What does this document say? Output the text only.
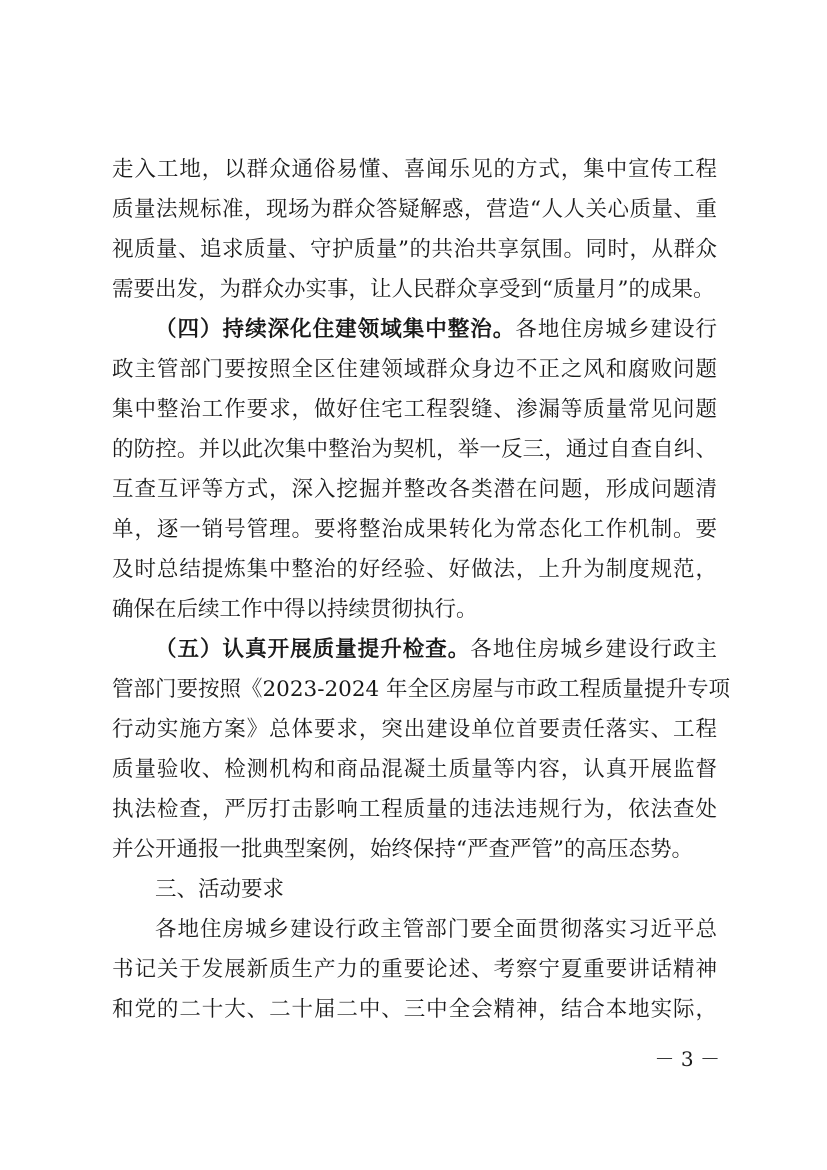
走入工地，以群众通俗易懂、喜闻乐见的方式，集中宣传工程
质量法规标准，现场为群众答疑解惑，营造“人人关心质量、重
视质量、追求质量、守护质量”的共治共享氛围。同时，从群众
需要出发，为群众办实事，让人民群众享受到“质量月”的成果。
（四）持续深化住建领域集中整治。各地住房城乡建设行
政主管部门要按照全区住建领域群众身边不正之风和腐败问题
集中整治工作要求，做好住宅工程裂缝、渗漏等质量常见问题
的防控。并以此次集中整治为契机，举一反三，通过自查自纠、
互查互评等方式，深入挖掘并整改各类潜在问题，形成问题清
单，逐一销号管理。要将整治成果转化为常态化工作机制。要
及时总结提炼集中整治的好经验、好做法，上升为制度规范，
确保在后续工作中得以持续贯彻执行。
（五）认真开展质量提升检查。各地住房城乡建设行政主
管部门要按照《2023-2024 年全区房屋与市政工程质量提升专项
行动实施方案》总体要求，突出建设单位首要责任落实、工程
质量验收、检测机构和商品混凝土质量等内容，认真开展监督
执法检查，严厉打击影响工程质量的违法违规行为，依法查处
并公开通报一批典型案例，始终保持“严查严管”的高压态势。
三、活动要求
各地住房城乡建设行政主管部门要全面贯彻落实习近平总
书记关于发展新质生产力的重要论述、考察宁夏重要讲话精神
和党的二十大、二十届二中、三中全会精神，结合本地实际，
－ 3 －
